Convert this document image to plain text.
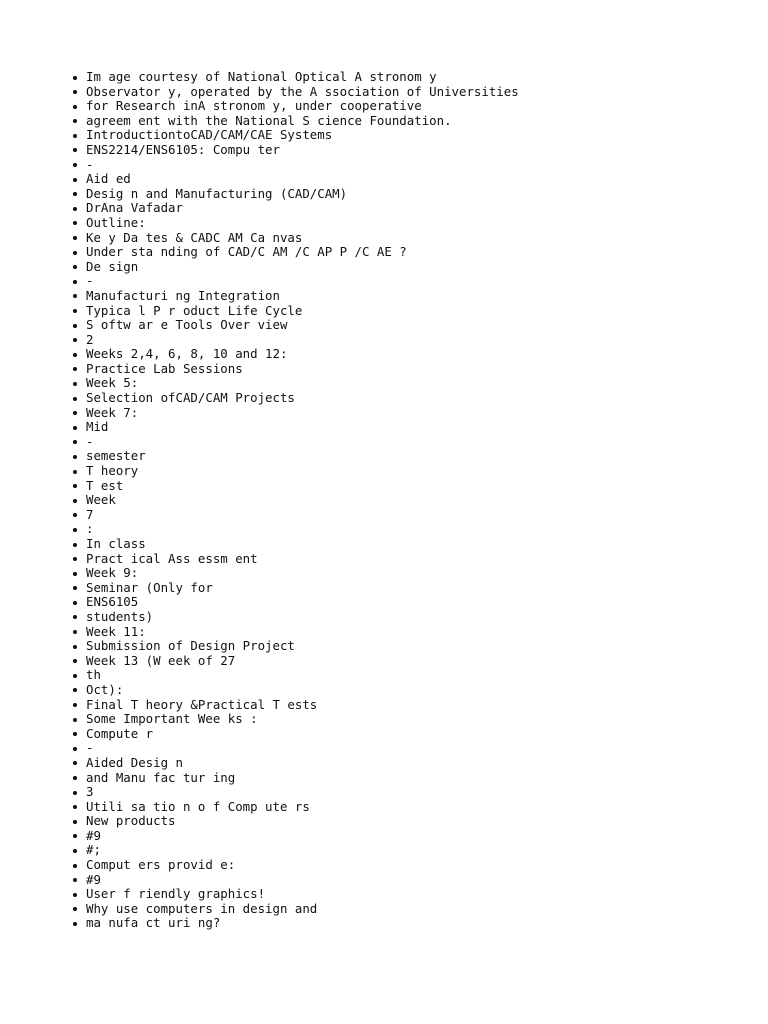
Im age courtesy of National Optical A stronom y
Observator y, operated by the A ssociation of Universities
for Research inA stronom y, under cooperative
agreem ent with the National S cience Foundation.
IntroductiontoCAD/CAM/CAE Systems
ENS2214/ENS6105: Compu ter
-
Aid ed
Desig n and Manufacturing (CAD/CAM)
DrAna Vafadar
Outline:
Ke y Da tes & CADC AM Ca nvas
Under sta nding of CAD/C AM /C AP P /C AE ?
De sign
-
Manufacturi ng Integration
Typica l P r oduct Life Cycle
S oftw ar e Tools Over view
2
Weeks 2,4, 6, 8, 10 and 12:
Practice Lab Sessions
Week 5:
Selection ofCAD/CAM Projects
Week 7:
Mid
-
semester
T heory
T est
Week
7
:
In class
Pract ical Ass essm ent
Week 9:
Seminar (Only for
ENS6105
students)
Week 11:
Submission of Design Project
Week 13 (W eek of 27
th
Oct):
Final T heory &Practical T ests
Some Important Wee ks :
Compute r
-
Aided Desig n
and Manu fac tur ing
3
Utili sa tio n o f Comp ute rs
New products
#9
#;
Comput ers provid e:
#9
User f riendly graphics!
Why use computers in design and
ma nufa ct uri ng?
